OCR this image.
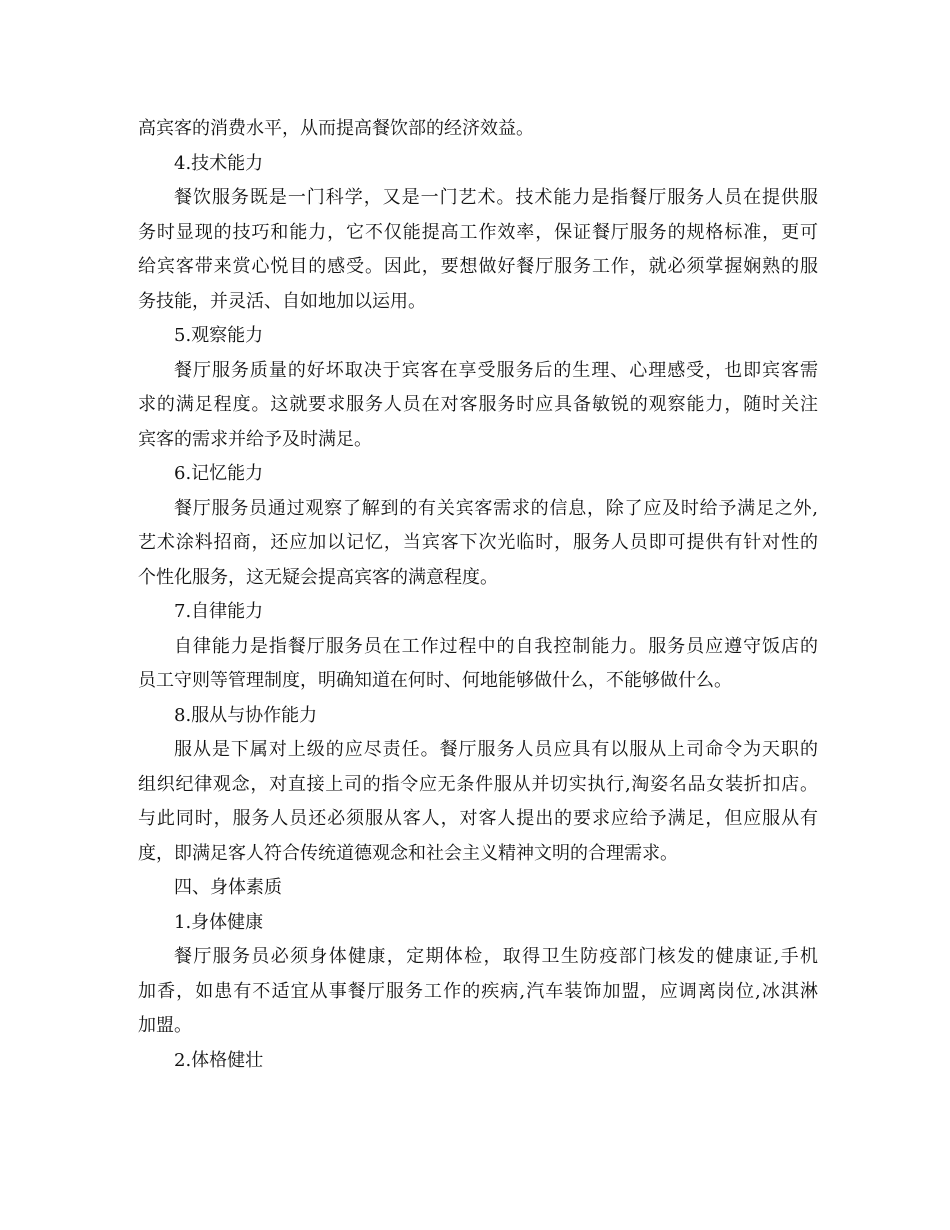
高宾客的消费水平，从而提高餐饮部的经济效益。
4.技术能力
餐饮服务既是一门科学，又是一门艺术。技术能力是指餐厅服务人员在提供服
务时显现的技巧和能力，它不仅能提高工作效率，保证餐厅服务的规格标准，更可
给宾客带来赏心悦目的感受。因此，要想做好餐厅服务工作，就必须掌握娴熟的服
务技能，并灵活、自如地加以运用。
5.观察能力
餐厅服务质量的好坏取决于宾客在享受服务后的生理、心理感受，也即宾客需
求的满足程度。这就要求服务人员在对客服务时应具备敏锐的观察能力，随时关注
宾客的需求并给予及时满足。
6.记忆能力
餐厅服务员通过观察了解到的有关宾客需求的信息，除了应及时给予满足之外,
艺术涂料招商，还应加以记忆，当宾客下次光临时，服务人员即可提供有针对性的
个性化服务，这无疑会提高宾客的满意程度。
7.自律能力
自律能力是指餐厅服务员在工作过程中的自我控制能力。服务员应遵守饭店的
员工守则等管理制度，明确知道在何时、何地能够做什么，不能够做什么。
8.服从与协作能力
服从是下属对上级的应尽责任。餐厅服务人员应具有以服从上司命令为天职的
组织纪律观念，对直接上司的指令应无条件服从并切实执行,淘姿名品女装折扣店。
与此同时，服务人员还必须服从客人，对客人提出的要求应给予满足，但应服从有
度，即满足客人符合传统道德观念和社会主义精神文明的合理需求。
四、身体素质
1.身体健康
餐厅服务员必须身体健康，定期体检，取得卫生防疫部门核发的健康证,手机
加香，如患有不适宜从事餐厅服务工作的疾病,汽车装饰加盟，应调离岗位,冰淇淋
加盟。
2.体格健壮
